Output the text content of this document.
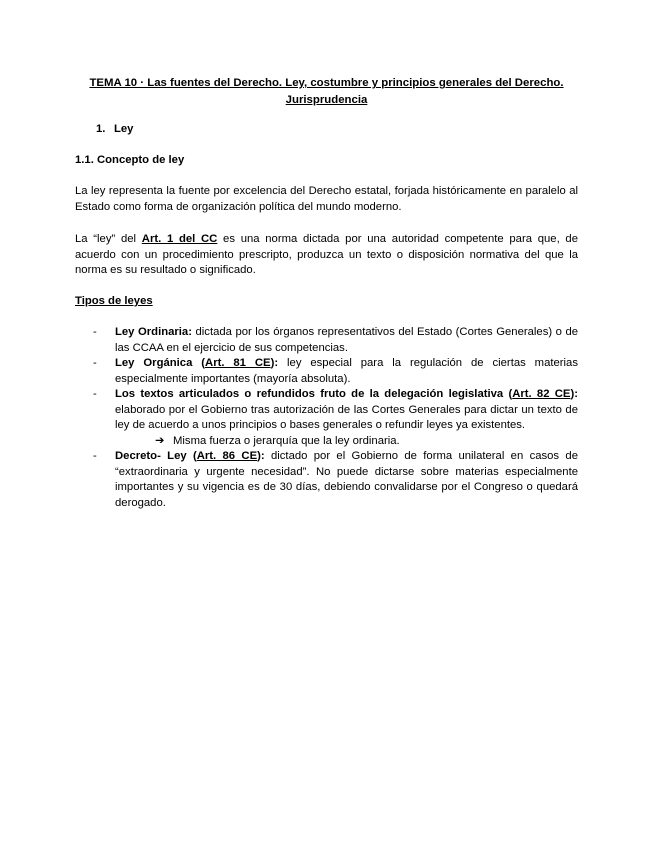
TEMA 10 · Las fuentes del Derecho. Ley, costumbre y principios generales del Derecho.
Jurisprudencia
1. Ley
1.1. Concepto de ley

La ley representa la fuente por excelencia del Derecho estatal, forjada históricamente en paralelo al Estado como forma de organización política del mundo moderno.

La “ley” del Art. 1 del CC es una norma dictada por una autoridad competente para que, de acuerdo con un procedimiento prescripto, produzca un texto o disposición normativa del que la norma es su resultado o significado.

Tipos de leyes
- Ley Ordinaria: dictada por los órganos representativos del Estado (Cortes Generales) o de las CCAA en el ejercicio de sus competencias.
- Ley Orgánica (Art. 81 CE): ley especial para la regulación de ciertas materias especialmente importantes (mayoría absoluta).
- Los textos articulados o refundidos fruto de la delegación legislativa (Art. 82 CE): elaborado por el Gobierno tras autorización de las Cortes Generales para dictar un texto de ley de acuerdo a unos principios o bases generales o refundir leyes ya existentes.
➔ Misma fuerza o jerarquía que la ley ordinaria.
- Decreto- Ley (Art. 86 CE): dictado por el Gobierno de forma unilateral en casos de “extraordinaria y urgente necesidad”. No puede dictarse sobre materias especialmente importantes y su vigencia es de 30 días, debiendo convalidarse por el Congreso o quedará derogado.
